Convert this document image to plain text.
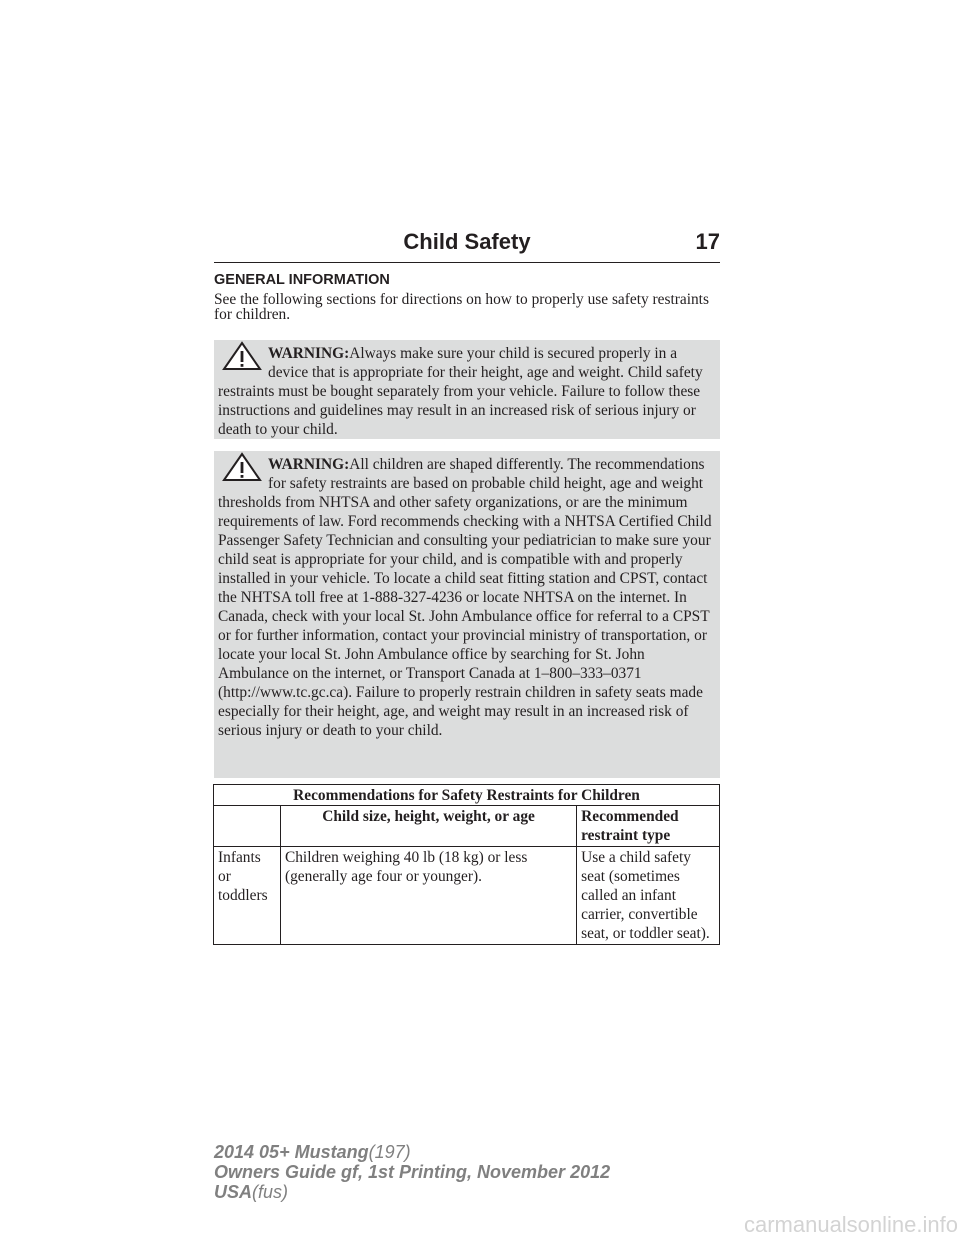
Child Safety	17
GENERAL INFORMATION

See the following sections for directions on how to properly use safety restraints for children.

WARNING:Always make sure your child is secured properly in a device that is appropriate for their height, age and weight. Child safety restraints must be bought separately from your vehicle. Failure to follow these instructions and guidelines may result in an increased risk of serious injury or death to your child.

WARNING:All children are shaped differently. The recommendations for safety restraints are based on probable child height, age and weight thresholds from NHTSA and other safety organizations, or are the minimum requirements of law. Ford recommends checking with a NHTSA Certified Child Passenger Safety Technician and consulting your pediatrician to make sure your child seat is appropriate for your child, and is compatible with and properly installed in your vehicle. To locate a child seat fitting station and CPST, contact the NHTSA toll free at 1-888-327-4236 or locate NHTSA on the internet. In Canada, check with your local St. John Ambulance office for referral to a CPST or for further information, contact your provincial ministry of transportation, or locate your local St. John Ambulance office by searching for St. John Ambulance on the internet, or Transport Canada at 1–800–333–0371 (http://www.tc.gc.ca). Failure to properly restrain children in safety seats made especially for their height, age, and weight may result in an increased risk of serious injury or death to your child.

Recommendations for Safety Restraints for Children		
	Child size, height, weight, or age	Recommended restraint type
Infants or toddlers	Children weighing 40 lb (18 kg) or less (generally age four or younger).	Use a child safety seat (sometimes called an infant carrier, convertible seat, or toddler seat).
2014 05+ Mustang(197)
Owners Guide gf, 1st Printing, November 2012
USA(fus)
carmanualsonline.info
